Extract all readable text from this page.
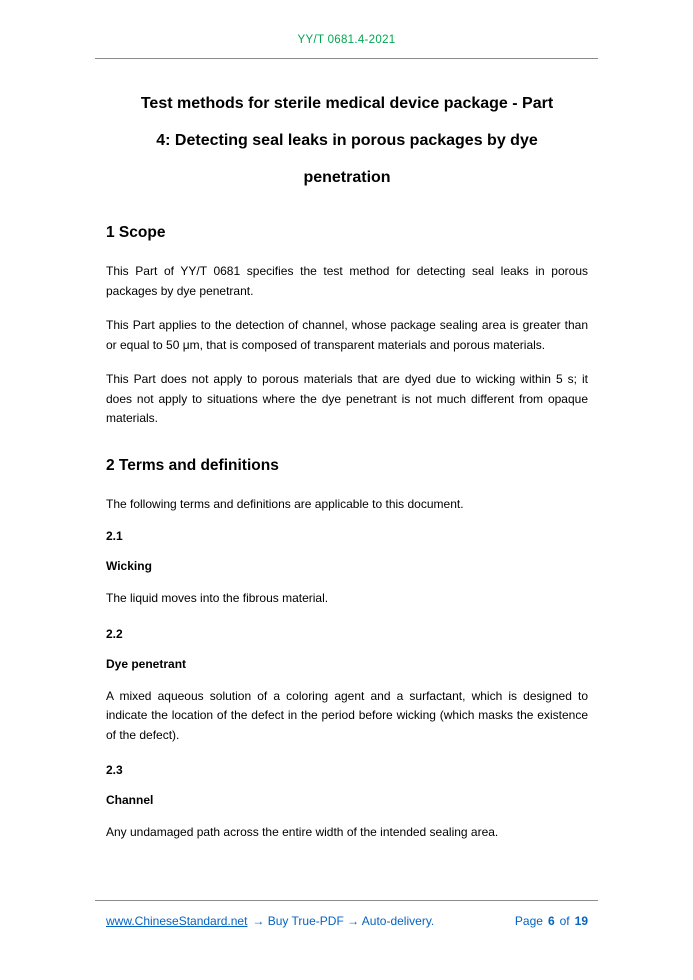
YY/T 0681.4-2021
Test methods for sterile medical device package - Part
4: Detecting seal leaks in porous packages by dye
penetration
1 Scope

This Part of YY/T 0681 specifies the test method for detecting seal leaks in porous packages by dye penetrant.

This Part applies to the detection of channel, whose package sealing area is greater than or equal to 50 μm, that is composed of transparent materials and porous materials.

This Part does not apply to porous materials that are dyed due to wicking within 5 s; it does not apply to situations where the dye penetrant is not much different from opaque materials.

2 Terms and definitions

The following terms and definitions are applicable to this document.

2.1

Wicking

The liquid moves into the fibrous material.

2.2

Dye penetrant

A mixed aqueous solution of a coloring agent and a surfactant, which is designed to indicate the location of the defect in the period before wicking (which masks the existence of the defect).

2.3

Channel

Any undamaged path across the entire width of the intended sealing area.

www.ChineseStandard.net → Buy True-PDF → Auto-delivery.	Page 6 of 19
